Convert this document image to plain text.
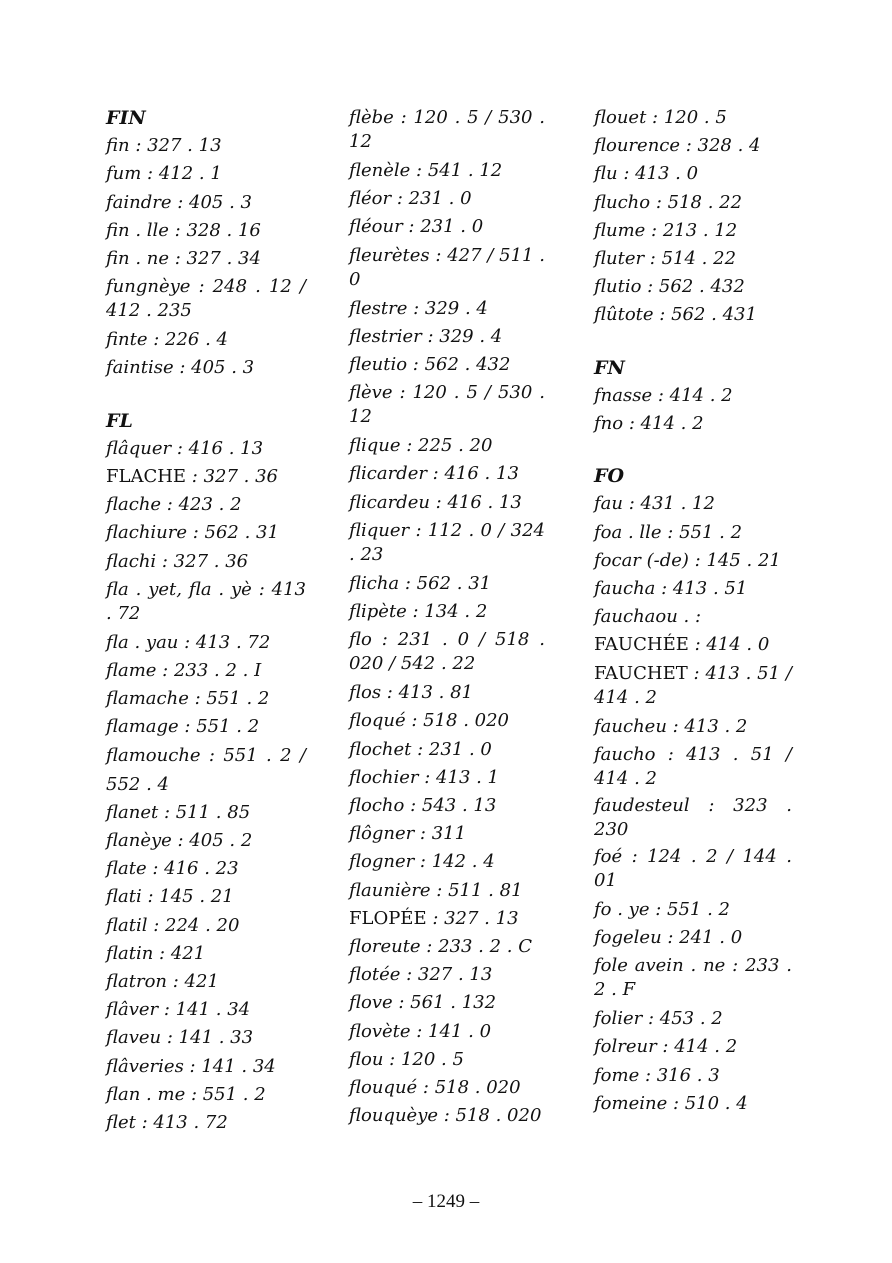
FIN
fin : 327 . 13
fum : 412 . 1
faindre : 405 . 3
fin . lle : 328 . 16
fin . ne : 327 . 34
fungnèye : 248 . 12 / 412 . 235
finte : 226 . 4
faintise : 405 . 3
FL
flâquer : 416 . 13
FLACHE : 327 . 36
flache : 423 . 2
flachiure : 562 . 31
flachi : 327 . 36
fla . yet, fla . yè : 413 . 72
fla . yau : 413 . 72
flame : 233 . 2 . I
flamache : 551 . 2
flamage : 551 . 2
flamouche : 551 . 2 / 552 . 4
flanet : 511 . 85
flanèye : 405 . 2
flate : 416 . 23
flati : 145 . 21
flatil : 224 . 20
flatin : 421
flatron : 421
flâver : 141 . 34
flaveu : 141 . 33
flâveries : 141 . 34
flan . me : 551 . 2
flet : 413 . 72
flèbe : 120 . 5 / 530 . 12
flenèle : 541 . 12
fléor : 231 . 0
fléour : 231 . 0
fleurètes : 427 / 511 . 0
flestre : 329 . 4
flestrier : 329 . 4
fleutio : 562 . 432
flève : 120 . 5 / 530 . 12
flique : 225 . 20
flicarder : 416 . 13
flicardeu : 416 . 13
fliquer : 112 . 0 / 324 . 23
flicha : 562 . 31
flipète : 134 . 2
flo : 231 . 0 / 518 . 020 / 542 . 22
flos : 413 . 81
floqué : 518 . 020
flochet : 231 . 0
flochier : 413 . 1
flocho : 543 . 13
flôgner : 311
flogner : 142 . 4
flaunière : 511 . 81
FLOPÉE : 327 . 13
floreute : 233 . 2 . C
flotée : 327 . 13
flove : 561 . 132
flovète : 141 . 0
flou : 120 . 5
flouqué : 518 . 020
flouquèye : 518 . 020
flouet : 120 . 5
flourence : 328 . 4
flu : 413 . 0
flucho : 518 . 22
flume : 213 . 12
fluter : 514 . 22
flutio : 562 . 432
flûtote : 562 . 431
FN
fnasse : 414 . 2
fno : 414 . 2
FO
fau : 431 . 12
foa . lle : 551 . 2
focar (-de) : 145 . 21
faucha : 413 . 51
fauchaou . :
FAUCHÉE : 414 . 0
FAUCHET : 413 . 51 / 414 . 2
faucheu : 413 . 2
faucho : 413 . 51 / 414 . 2
faudesteul : 323 . 230
foé : 124 . 2 / 144 . 01
fo . ye : 551 . 2
fogeleu : 241 . 0
fole avein . ne : 233 . 2 . F
folier : 453 . 2
folreur : 414 . 2
fome : 316 . 3
fomeine : 510 . 4
– 1249 –
